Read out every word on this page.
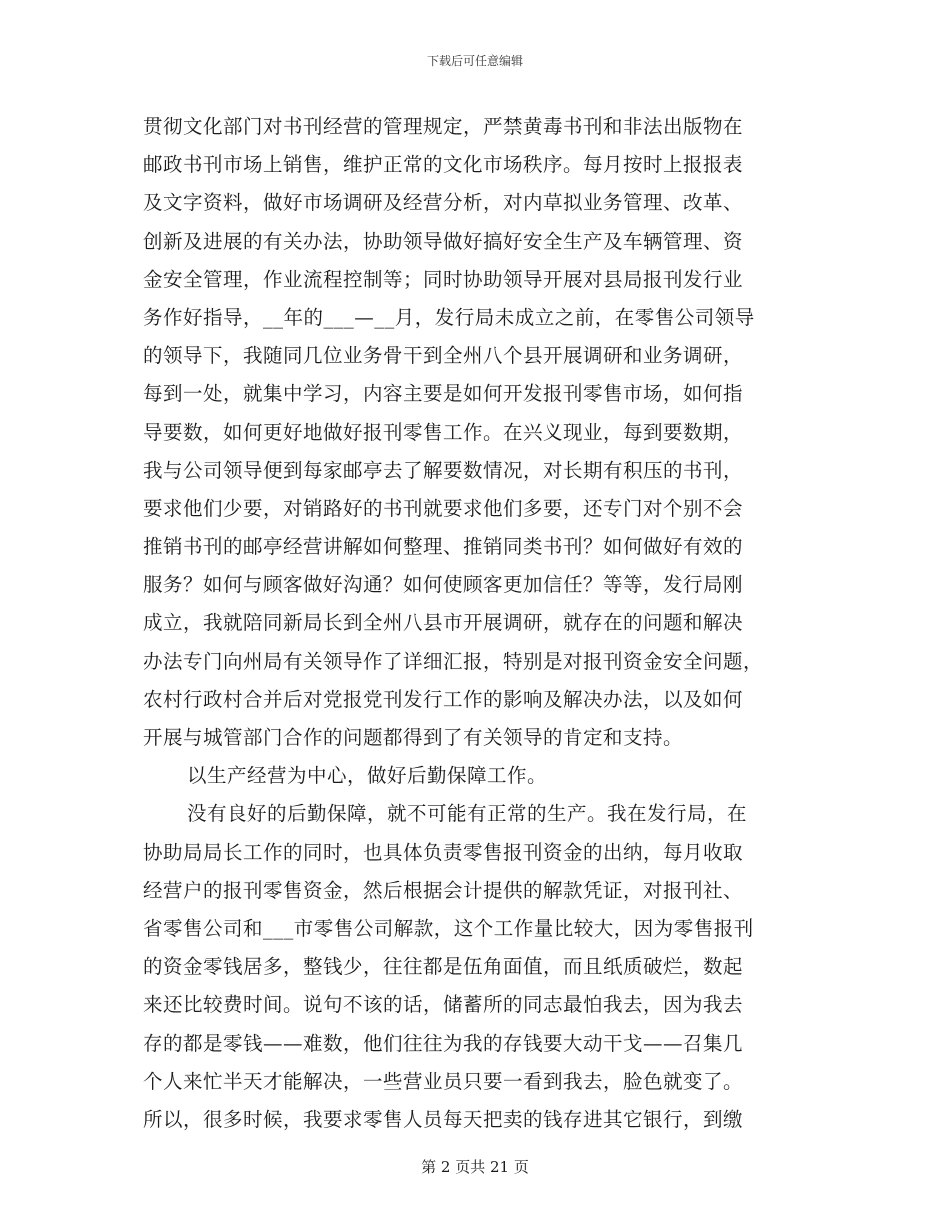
下载后可任意编辑
贯彻文化部门对书刊经营的管理规定，严禁黄毒书刊和非法出版物在
邮政书刊市场上销售，维护正常的文化市场秩序。每月按时上报报表
及文字资料，做好市场调研及经营分析，对内草拟业务管理、改革、
创新及进展的有关办法，协助领导做好搞好安全生产及车辆管理、资
金安全管理，作业流程控制等；同时协助领导开展对县局报刊发行业
务作好指导，__年的___—__月，发行局未成立之前，在零售公司领导
的领导下，我随同几位业务骨干到全州八个县开展调研和业务调研，
每到一处，就集中学习，内容主要是如何开发报刊零售市场，如何指
导要数，如何更好地做好报刊零售工作。在兴义现业，每到要数期，
我与公司领导便到每家邮亭去了解要数情况，对长期有积压的书刊，
要求他们少要，对销路好的书刊就要求他们多要，还专门对个别不会
推销书刊的邮亭经营讲解如何整理、推销同类书刊？如何做好有效的
服务？如何与顾客做好沟通？如何使顾客更加信任？等等，发行局刚
成立，我就陪同新局长到全州八县市开展调研，就存在的问题和解决
办法专门向州局有关领导作了详细汇报，特别是对报刊资金安全问题，
农村行政村合并后对党报党刊发行工作的影响及解决办法，以及如何
开展与城管部门合作的问题都得到了有关领导的肯定和支持。
以生产经营为中心，做好后勤保障工作。
没有良好的后勤保障，就不可能有正常的生产。我在发行局，在
协助局局长工作的同时，也具体负责零售报刊资金的出纳，每月收取
经营户的报刊零售资金，然后根据会计提供的解款凭证，对报刊社、
省零售公司和___市零售公司解款，这个工作量比较大，因为零售报刊
的资金零钱居多，整钱少，往往都是伍角面值，而且纸质破烂，数起
来还比较费时间。说句不该的话，储蓄所的同志最怕我去，因为我去
存的都是零钱——难数，他们往往为我的存钱要大动干戈——召集几
个人来忙半天才能解决，一些营业员只要一看到我去，脸色就变了。
所以，很多时候，我要求零售人员每天把卖的钱存进其它银行，到缴
第 2 页共 21 页
